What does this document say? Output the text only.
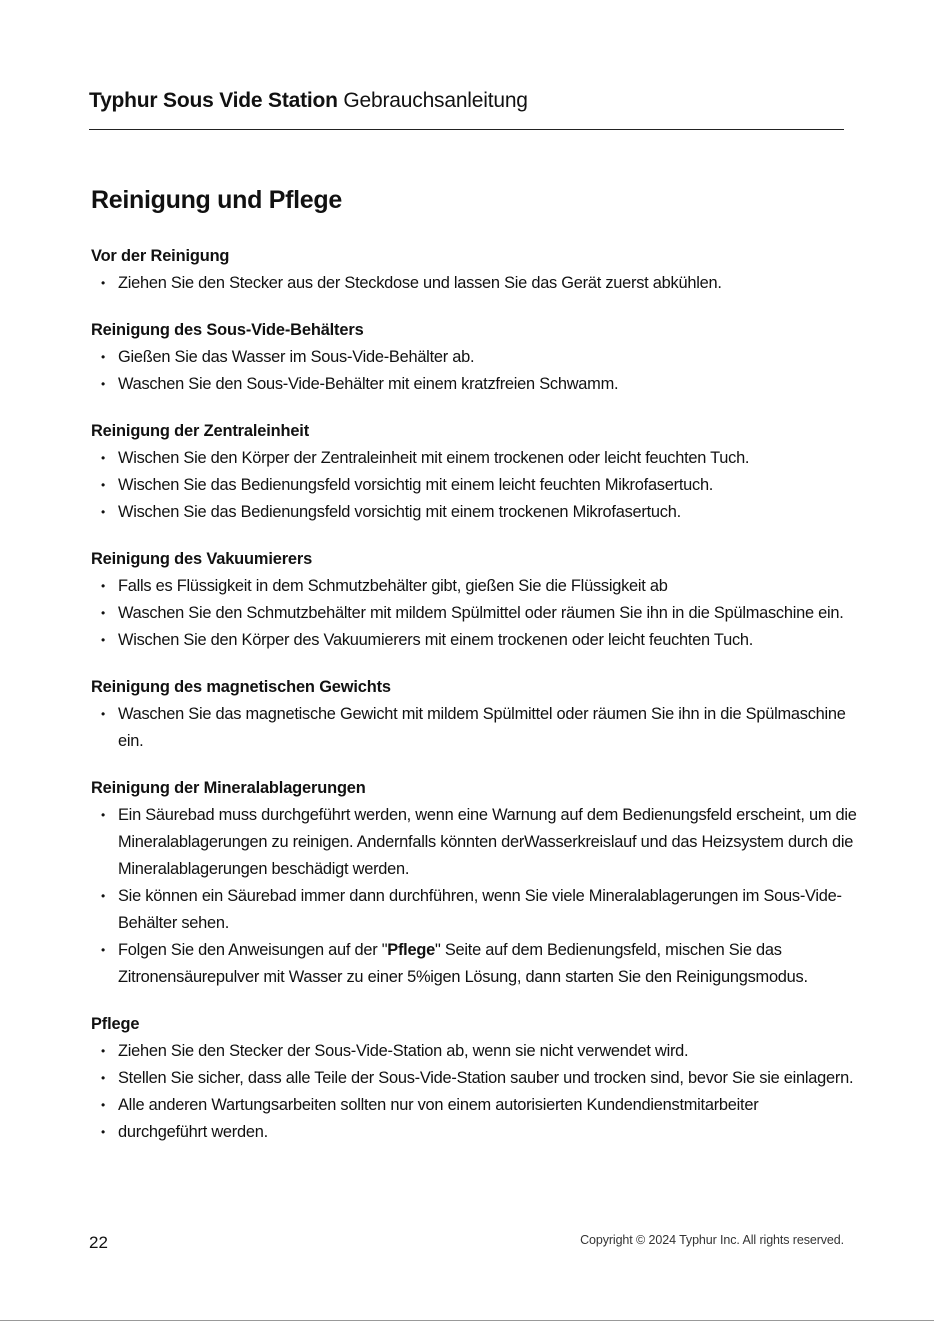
Typhur Sous Vide Station Gebrauchsanleitung
Reinigung und Pflege
Vor der Reinigung
• Ziehen Sie den Stecker aus der Steckdose und lassen Sie das Gerät zuerst abkühlen.
Reinigung des Sous-Vide-Behälters
• Gießen Sie das Wasser im Sous-Vide-Behälter ab.
• Waschen Sie den Sous-Vide-Behälter mit einem kratzfreien Schwamm.
Reinigung der Zentraleinheit
• Wischen Sie den Körper der Zentraleinheit mit einem trockenen oder leicht feuchten Tuch.
• Wischen Sie das Bedienungsfeld vorsichtig mit einem leicht feuchten Mikrofasertuch.
• Wischen Sie das Bedienungsfeld vorsichtig mit einem trockenen Mikrofasertuch.
Reinigung des Vakuumierers
• Falls es Flüssigkeit in dem Schmutzbehälter gibt, gießen Sie die Flüssigkeit ab
• Waschen Sie den Schmutzbehälter mit mildem Spülmittel oder räumen Sie ihn in die Spülmaschine ein.
• Wischen Sie den Körper des Vakuumierers mit einem trockenen oder leicht feuchten Tuch.
Reinigung des magnetischen Gewichts
• Waschen Sie das magnetische Gewicht mit mildem Spülmittel oder räumen Sie ihn in die Spülmaschine ein.
Reinigung der Mineralablagerungen
• Ein Säurebad muss durchgeführt werden, wenn eine Warnung auf dem Bedienungsfeld erscheint, um die Mineralablagerungen zu reinigen. Andernfalls könnten derWasserkreislauf und das Heizsystem durch die Mineralablagerungen beschädigt werden.
• Sie können ein Säurebad immer dann durchführen, wenn Sie viele Mineralablagerungen im Sous-Vide-Behälter sehen.
• Folgen Sie den Anweisungen auf der "Pflege" Seite auf dem Bedienungsfeld, mischen Sie das Zitronensäurepulver mit Wasser zu einer 5%igen Lösung, dann starten Sie den Reinigungsmodus.
Pflege
• Ziehen Sie den Stecker der Sous-Vide-Station ab, wenn sie nicht verwendet wird.
• Stellen Sie sicher, dass alle Teile der Sous-Vide-Station sauber und trocken sind, bevor Sie sie einlagern.
• Alle anderen Wartungsarbeiten sollten nur von einem autorisierten Kundendienstmitarbeiter
• durchgeführt werden.
22	Copyright © 2024 Typhur Inc. All rights reserved.
